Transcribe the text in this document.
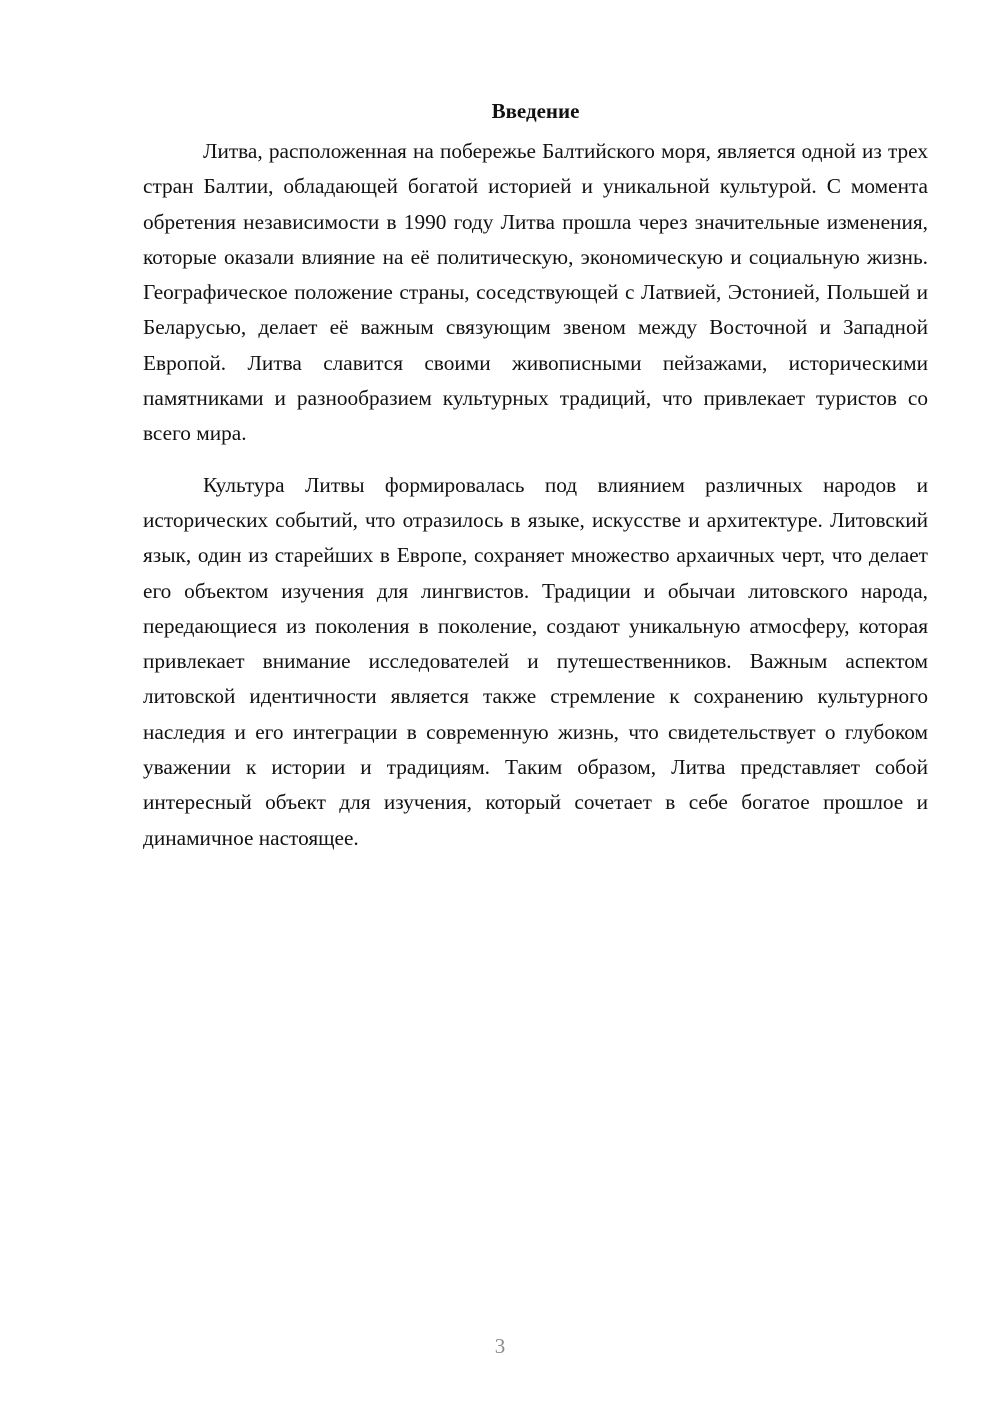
Введение

Литва, расположенная на побережье Балтийского моря, является одной из трех стран Балтии, обладающей богатой историей и уникальной культурой. С момента обретения независимости в 1990 году Литва прошла через значительные изменения, которые оказали влияние на её политическую, экономическую и социальную жизнь. Географическое положение страны, соседствующей с Латвией, Эстонией, Польшей и Беларусью, делает её важным связующим звеном между Восточной и Западной Европой. Литва славится своими живописными пейзажами, историческими памятниками и разнообразием культурных традиций, что привлекает туристов со всего мира.

Культура Литвы формировалась под влиянием различных народов и исторических событий, что отразилось в языке, искусстве и архитектуре. Литовский язык, один из старейших в Европе, сохраняет множество архаичных черт, что делает его объектом изучения для лингвистов. Традиции и обычаи литовского народа, передающиеся из поколения в поколение, создают уникальную атмосферу, которая привлекает внимание исследователей и путешественников. Важным аспектом литовской идентичности является также стремление к сохранению культурного наследия и его интеграции в современную жизнь, что свидетельствует о глубоком уважении к истории и традициям. Таким образом, Литва представляет собой интересный объект для изучения, который сочетает в себе богатое прошлое и динамичное настоящее.

3
